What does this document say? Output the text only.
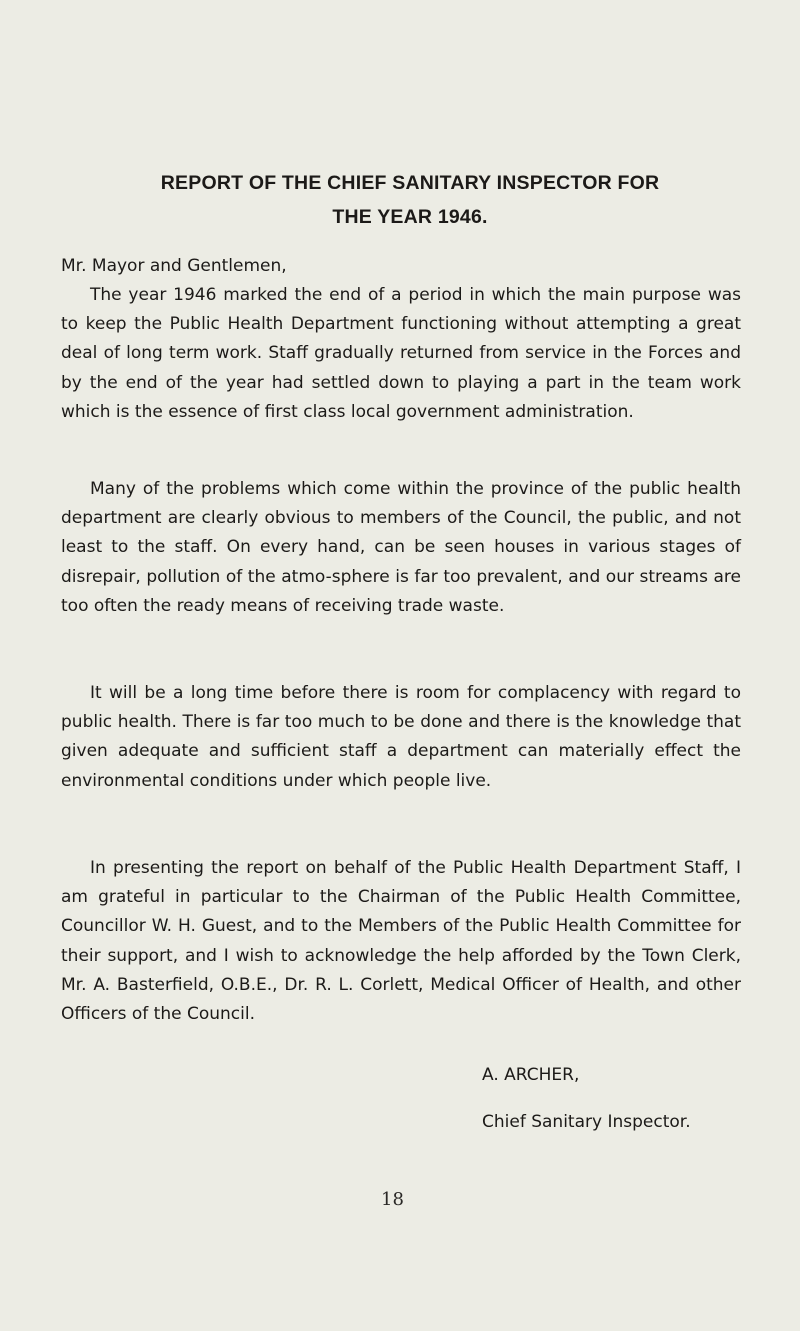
REPORT OF THE CHIEF SANITARY INSPECTOR FOR
THE YEAR 1946.

Mr. Mayor and Gentlemen,

The year 1946 marked the end of a period in which the main purpose was to keep the Public Health Department functioning without attempting a great deal of long term work. Staff gradually returned from service in the Forces and by the end of the year had settled down to playing a part in the team work which is the essence of first class local government administration.

Many of the problems which come within the province of the public health department are clearly obvious to members of the Council, the public, and not least to the staff. On every hand, can be seen houses in various stages of disrepair, pollution of the atmo-sphere is far too prevalent, and our streams are too often the ready means of receiving trade waste.

It will be a long time before there is room for complacency with regard to public health. There is far too much to be done and there is the knowledge that given adequate and sufficient staff a department can materially effect the environmental conditions under which people live.

In presenting the report on behalf of the Public Health Department Staff, I am grateful in particular to the Chairman of the Public Health Committee, Councillor W. H. Guest, and to the Members of the Public Health Committee for their support, and I wish to acknowledge the help afforded by the Town Clerk, Mr. A. Basterfield, O.B.E., Dr. R. L. Corlett, Medical Officer of Health, and other Officers of the Council.

A. ARCHER,

Chief Sanitary Inspector.

18
